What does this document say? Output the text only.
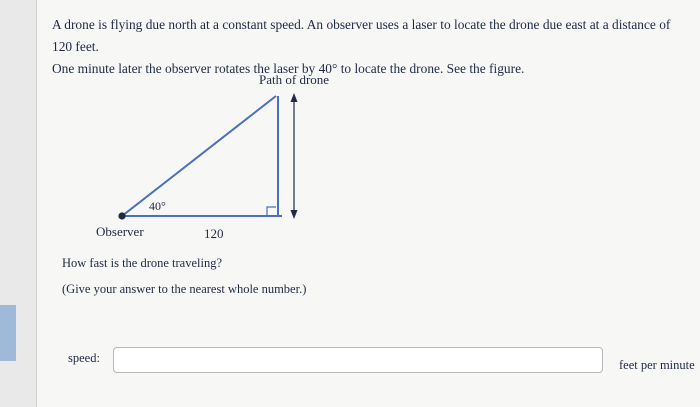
A drone is flying due north at a constant speed. An observer uses a laser to locate the drone due east at a distance of 120 feet.
One minute later the observer rotates the laser by 40° to locate the drone. See the figure.
Path of drone
40°
Observer	120
How fast is the drone traveling?
(Give your answer to the nearest whole number.)
speed:	feet per minute
